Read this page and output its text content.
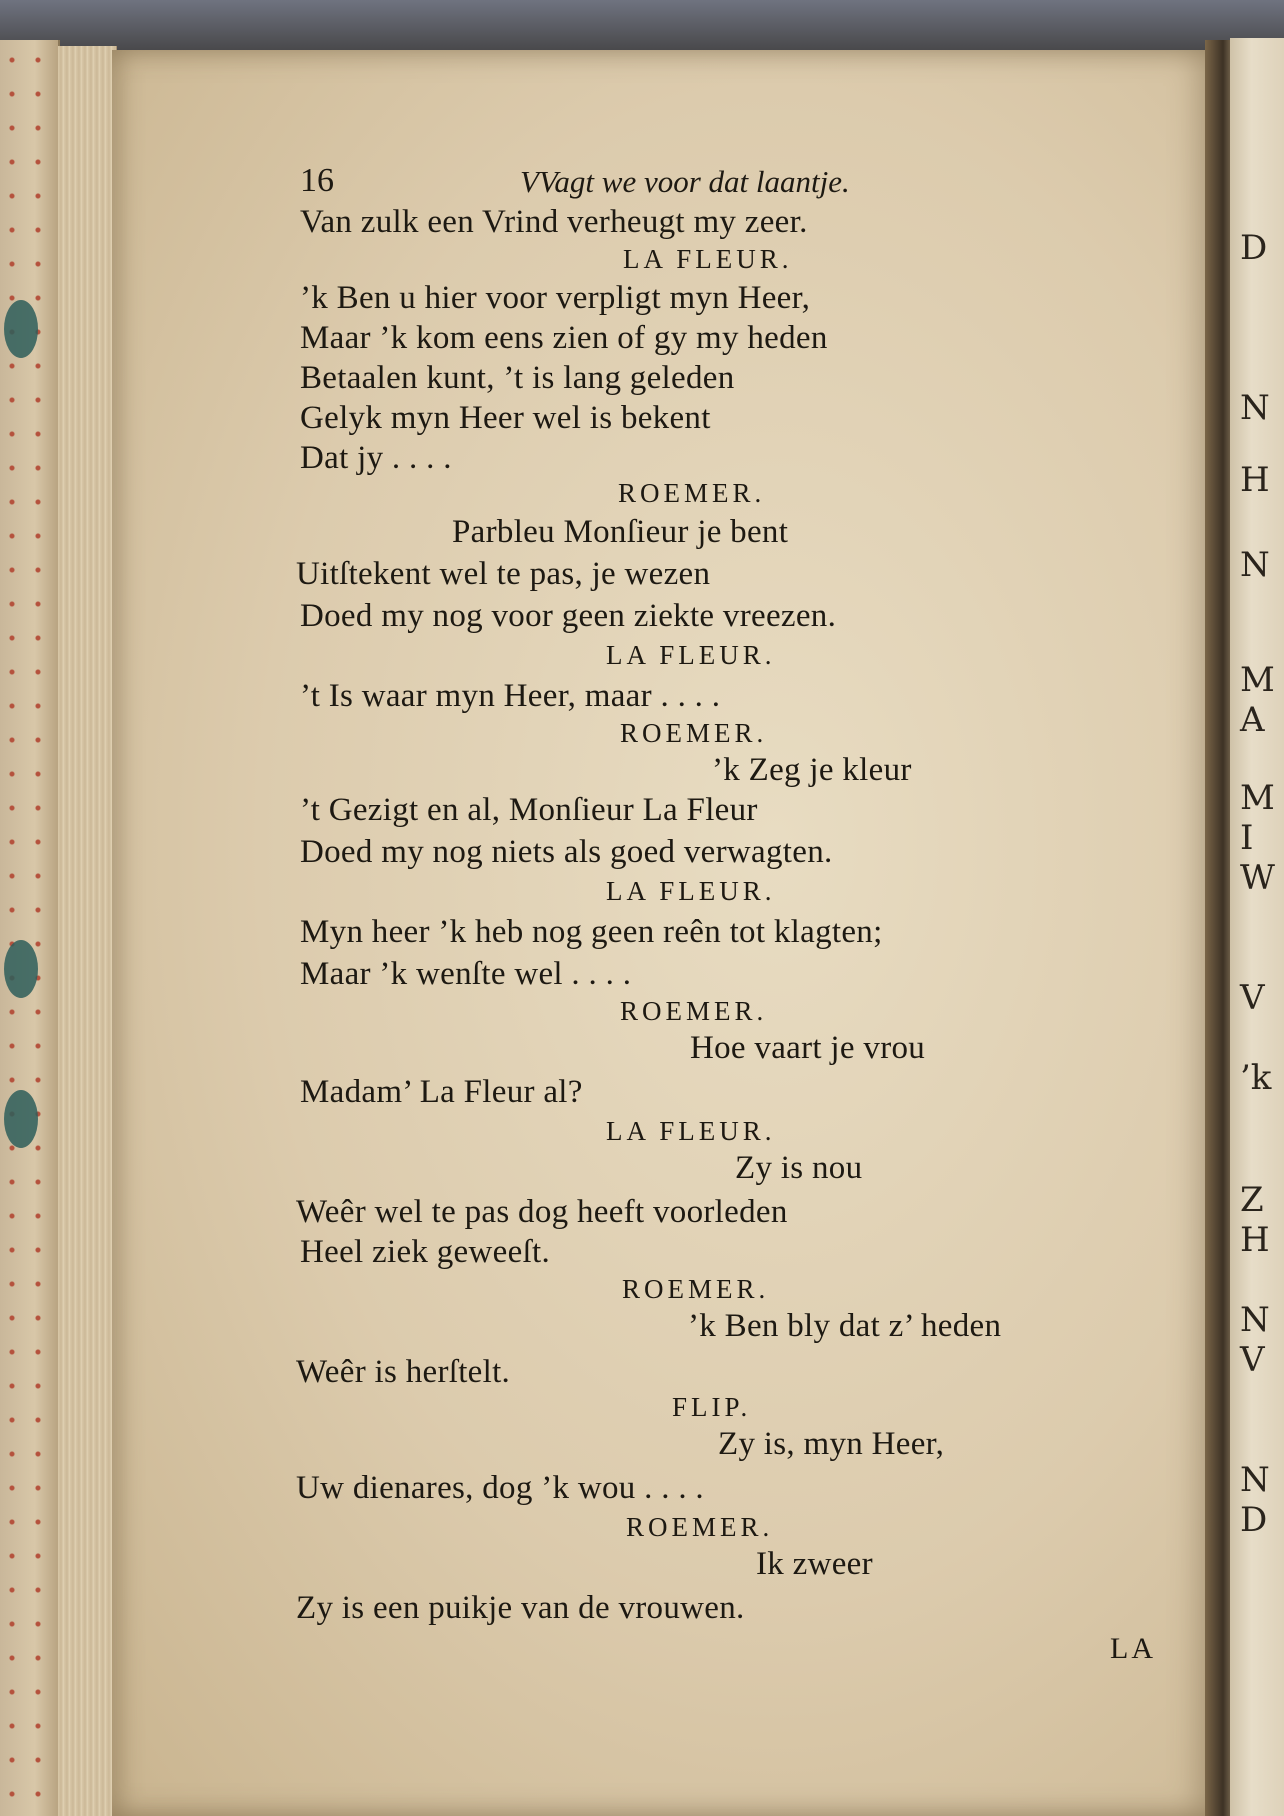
D
N
H
N
M
A
M
I
W
V
’k
Z
H
N
V
N
D
16	VVagt we voor dat laantje.
Van zulk een Vrind verheugt my zeer.
LA FLEUR.
’k Ben u hier voor verpligt myn Heer,
Maar ’k kom eens zien of gy my heden
Betaalen kunt, ’t is lang geleden
Gelyk myn Heer wel is bekent
Dat jy . . . .
ROEMER.
Parbleu Monſieur je bent
Uitſtekent wel te pas, je wezen
Doed my nog voor geen ziekte vreezen.
LA FLEUR.
’t Is waar myn Heer, maar . . . .
ROEMER.
’k Zeg je kleur
’t Gezigt en al, Monſieur La Fleur
Doed my nog niets als goed verwagten.
LA FLEUR.
Myn heer ’k heb nog geen reên tot klagten;
Maar ’k wenſte wel . . . .
ROEMER.
Hoe vaart je vrou
Madam’ La Fleur al?
LA FLEUR.
Zy is nou
Weêr wel te pas dog heeft voorleden
Heel ziek geweeſt.
ROEMER.
’k Ben bly dat z’ heden
Weêr is herſtelt.
FLIP.
Zy is, myn Heer,
Uw dienares, dog ’k wou . . . .
ROEMER.
Ik zweer
Zy is een puikje van de vrouwen.
LA
